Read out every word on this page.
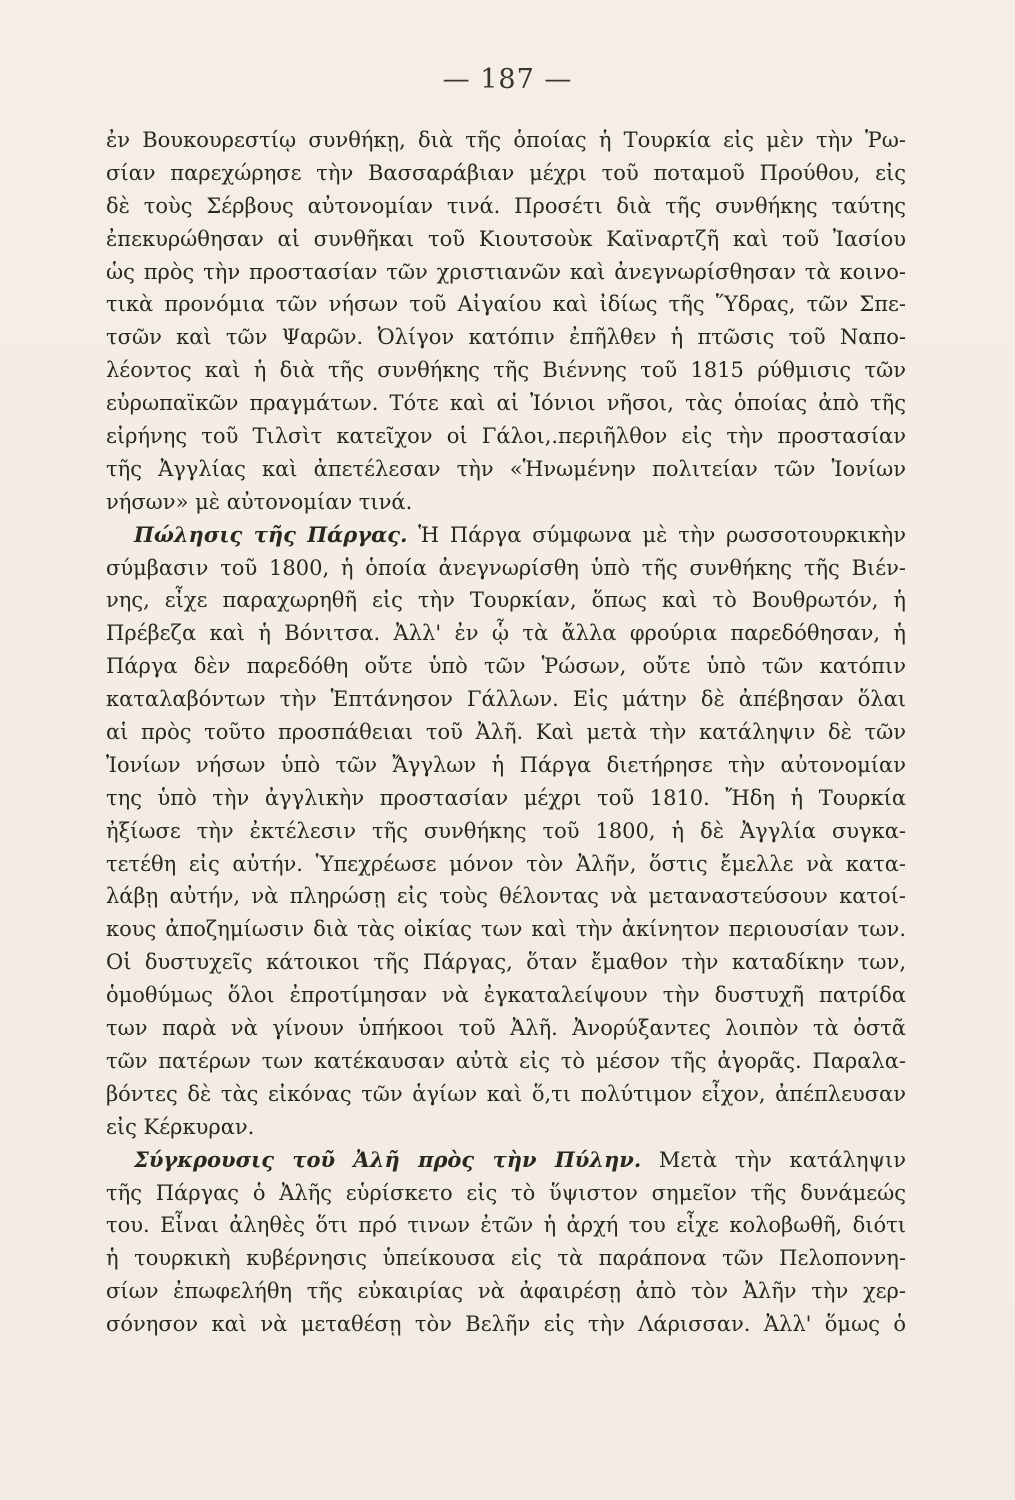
— 187 —
ἐν Βουκουρεστίῳ συνθήκῃ, διὰ τῆς ὁποίας ἡ Τουρκία εἰς μὲν τὴν Ῥω-
σίαν παρεχώρησε τὴν Βασσαράβιαν μέχρι τοῦ ποταμοῦ Προύθου, εἰς
δὲ τοὺς Σέρβους αὐτονομίαν τινά. Προσέτι διὰ τῆς συνθήκης ταύτης
ἐπεκυρώθησαν αἱ συνθῆκαι τοῦ Κιουτσοὺκ Καϊναρτζῆ καὶ τοῦ Ἰασίου
ὡς πρὸς τὴν προστασίαν τῶν χριστιανῶν καὶ ἀνεγνωρίσθησαν τὰ κοινο-
τικὰ προνόμια τῶν νήσων τοῦ Αἰγαίου καὶ ἰδίως τῆς Ὕδρας, τῶν Σπε-
τσῶν καὶ τῶν Ψαρῶν. Ὀλίγον κατόπιν ἐπῆλθεν ἡ πτῶσις τοῦ Ναπο-
λέοντος καὶ ἡ διὰ τῆς συνθήκης τῆς Βιέννης τοῦ 1815 ρύθμισις τῶν
εὐρωπαϊκῶν πραγμάτων. Τότε καὶ αἱ Ἰόνιοι νῆσοι, τὰς ὁποίας ἀπὸ τῆς
εἰρήνης τοῦ Τιλσὶτ κατεῖχον οἱ Γάλοι,.περιῆλθον εἰς τὴν προστασίαν
τῆς Ἀγγλίας καὶ ἀπετέλεσαν τὴν «Ἡνωμένην πολιτείαν τῶν Ἰονίων
νήσων» μὲ αὐτονομίαν τινά.
Πώλησις τῆς Πάργας. Ἡ Πάργα σύμφωνα μὲ τὴν ρωσσοτουρκικὴν
σύμβασιν τοῦ 1800, ἡ ὁποία ἀνεγνωρίσθη ὑπὸ τῆς συνθήκης τῆς Βιέν-
νης, εἶχε παραχωρηθῆ εἰς τὴν Τουρκίαν, ὅπως καὶ τὸ Βουθρωτόν, ἡ
Πρέβεζα καὶ ἡ Βόνιτσα. Ἀλλ' ἐν ᾧ τὰ ἄλλα φρούρια παρεδόθησαν, ἡ
Πάργα δὲν παρεδόθη οὔτε ὑπὸ τῶν Ῥώσων, οὔτε ὑπὸ τῶν κατόπιν
καταλαβόντων τὴν Ἑπτάνησον Γάλλων. Εἰς μάτην δὲ ἀπέβησαν ὅλαι
αἱ πρὸς τοῦτο προσπάθειαι τοῦ Ἀλῆ. Καὶ μετὰ τὴν κατάληψιν δὲ τῶν
Ἰονίων νήσων ὑπὸ τῶν Ἄγγλων ἡ Πάργα διετήρησε τὴν αὐτονομίαν
της ὑπὸ τὴν ἀγγλικὴν προστασίαν μέχρι τοῦ 1810. Ἤδη ἡ Τουρκία
ἠξίωσε τὴν ἐκτέλεσιν τῆς συνθήκης τοῦ 1800, ἡ δὲ Ἀγγλία συγκα-
τετέθη εἰς αὐτήν. Ὑπεχρέωσε μόνον τὸν Ἀλῆν, ὅστις ἔμελλε νὰ κατα-
λάβῃ αὐτήν, νὰ πληρώσῃ εἰς τοὺς θέλοντας νὰ μεταναστεύσουν κατοί-
κους ἀποζημίωσιν διὰ τὰς οἰκίας των καὶ τὴν ἀκίνητον περιουσίαν των.
Οἱ δυστυχεῖς κάτοικοι τῆς Πάργας, ὅταν ἔμαθον τὴν καταδίκην των,
ὁμοθύμως ὅλοι ἐπροτίμησαν νὰ ἐγκαταλείψουν τὴν δυστυχῆ πατρίδα
των παρὰ νὰ γίνουν ὑπήκοοι τοῦ Ἀλῆ. Ἀνορύξαντες λοιπὸν τὰ ὀστᾶ
τῶν πατέρων των κατέκαυσαν αὐτὰ εἰς τὸ μέσον τῆς ἀγορᾶς. Παραλα-
βόντες δὲ τὰς εἰκόνας τῶν ἁγίων καὶ ὅ,τι πολύτιμον εἶχον, ἀπέπλευσαν
εἰς Κέρκυραν.
Σύγκρουσις τοῦ Ἀλῆ πρὸς τὴν Πύλην. Μετὰ τὴν κατάληψιν
τῆς Πάργας ὁ Ἀλῆς εὑρίσκετο εἰς τὸ ὕψιστον σημεῖον τῆς δυνάμεώς
του. Εἶναι ἀληθὲς ὅτι πρό τινων ἐτῶν ἡ ἀρχή του εἶχε κολοβωθῆ, διότι
ἡ τουρκικὴ κυβέρνησις ὑπείκουσα εἰς τὰ παράπονα τῶν Πελοποννη-
σίων ἐπωφελήθη τῆς εὐκαιρίας νὰ ἀφαιρέσῃ ἀπὸ τὸν Ἀλῆν τὴν χερ-
σόνησον καὶ νὰ μεταθέσῃ τὸν Βελῆν εἰς τὴν Λάρισσαν. Ἀλλ' ὅμως ὁ
